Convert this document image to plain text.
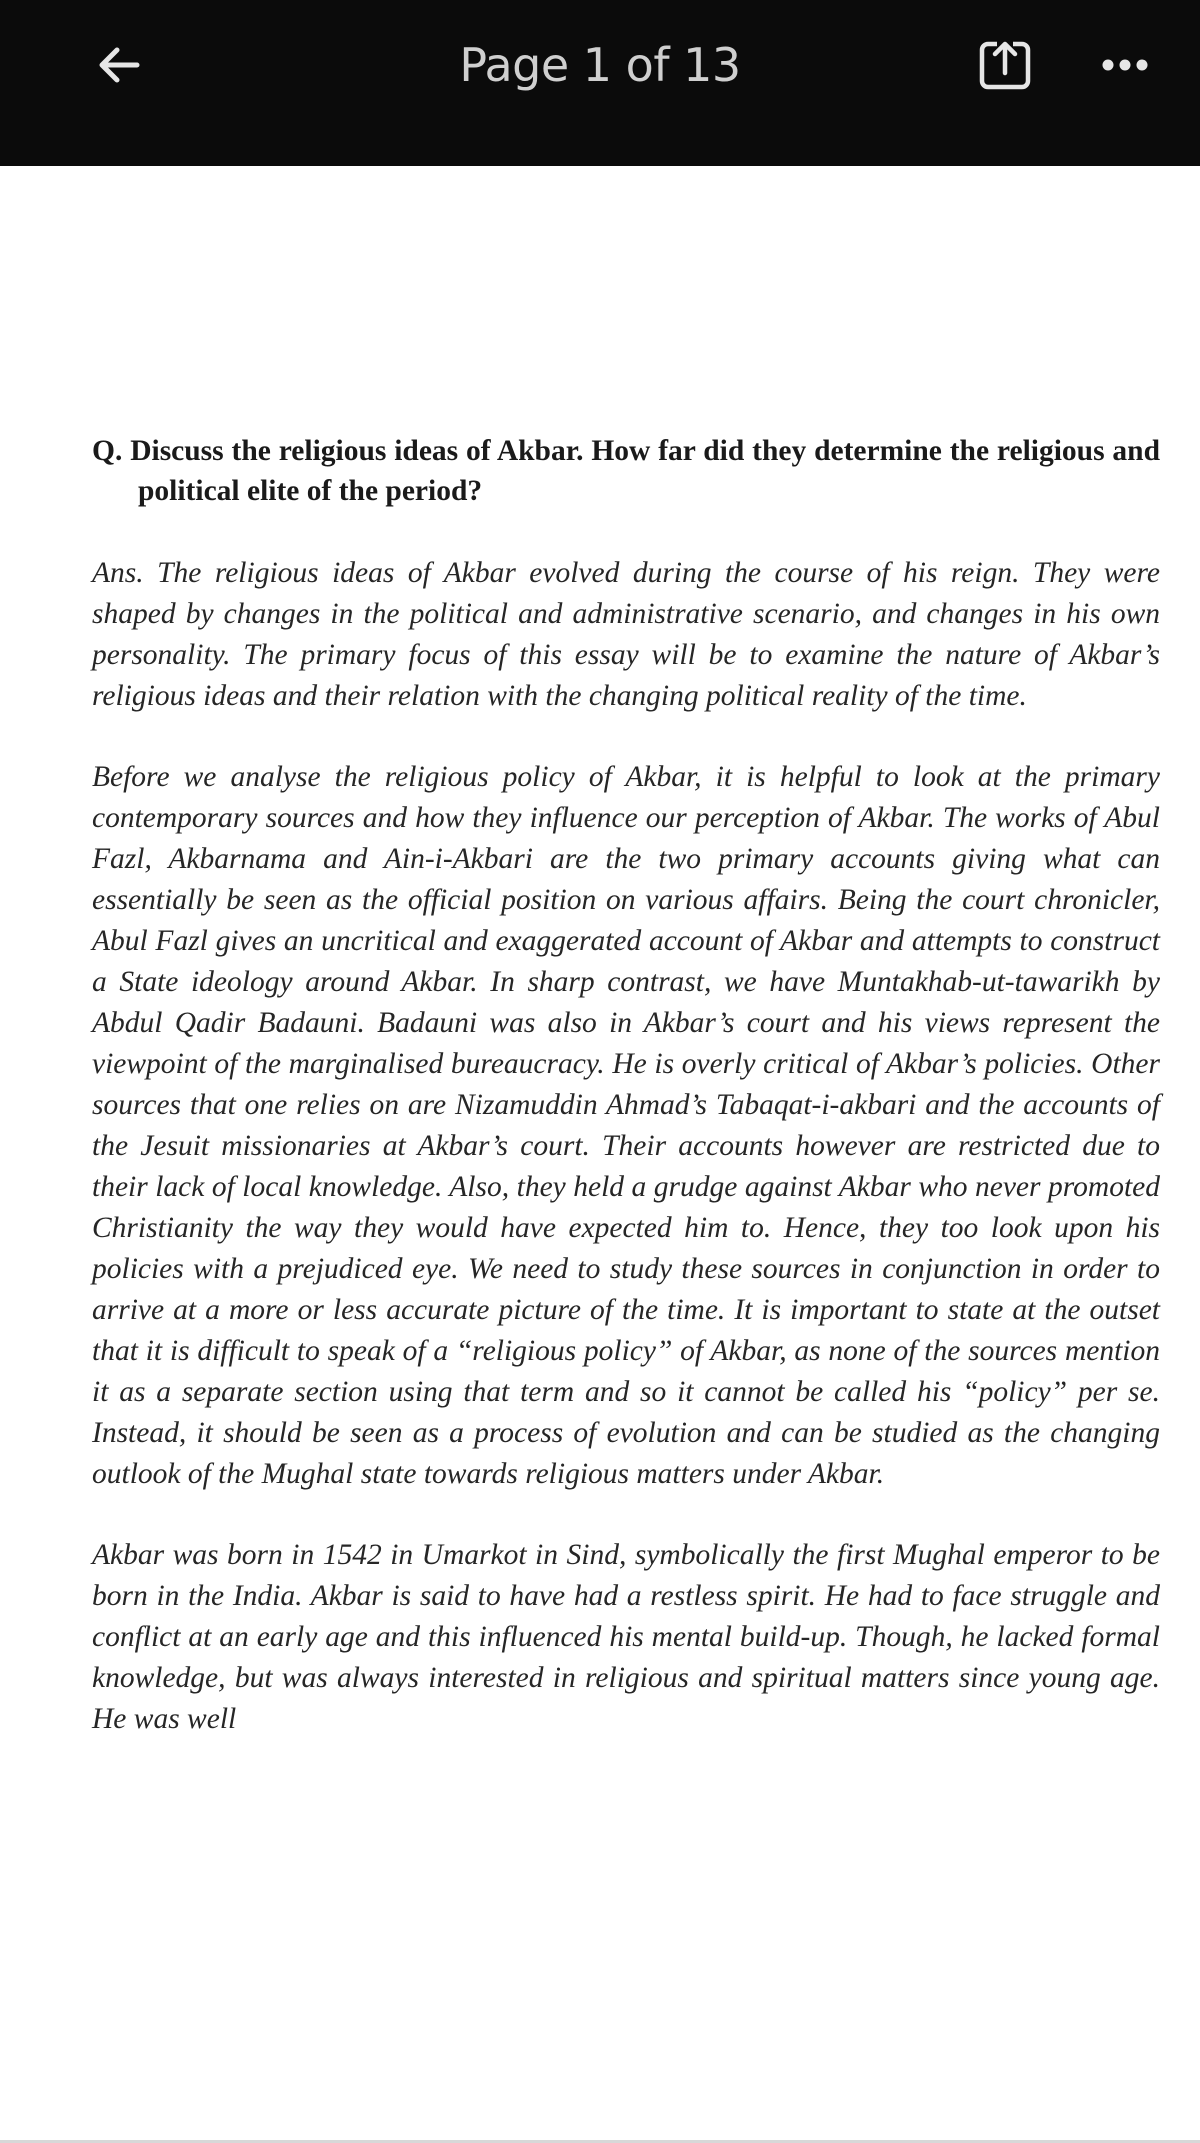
Page 1 of 13

Q. Discuss the religious ideas of Akbar. How far did they determine the religious and political elite of the period?

Ans. The religious ideas of Akbar evolved during the course of his reign. They were shaped by changes in the political and administrative scenario, and changes in his own personality. The primary focus of this essay will be to examine the nature of Akbar’s religious ideas and their relation with the changing political reality of the time.

Before we analyse the religious policy of Akbar, it is helpful to look at the primary contemporary sources and how they influence our perception of Akbar. The works of Abul Fazl, Akbarnama and Ain-i-Akbari are the two primary accounts giving what can essentially be seen as the official position on various affairs. Being the court chronicler, Abul Fazl gives an uncritical and exaggerated account of Akbar and attempts to construct a State ideology around Akbar. In sharp contrast, we have Muntakhab-ut-tawarikh by Abdul Qadir Badauni. Badauni was also in Akbar’s court and his views represent the viewpoint of the marginalised bureaucracy. He is overly critical of Akbar’s policies. Other sources that one relies on are Nizamuddin Ahmad’s Tabaqat-i-akbari and the accounts of the Jesuit missionaries at Akbar’s court. Their accounts however are restricted due to their lack of local knowledge. Also, they held a grudge against Akbar who never promoted Christianity the way they would have expected him to. Hence, they too look upon his policies with a prejudiced eye. We need to study these sources in conjunction in order to arrive at a more or less accurate picture of the time. It is important to state at the outset that it is difficult to speak of a “religious policy” of Akbar, as none of the sources mention it as a separate section using that term and so it cannot be called his “policy” per se. Instead, it should be seen as a process of evolution and can be studied as the changing outlook of the Mughal state towards religious matters under Akbar.

Akbar was born in 1542 in Umarkot in Sind, symbolically the first Mughal emperor to be born in the India. Akbar is said to have had a restless spirit. He had to face struggle and conflict at an early age and this influenced his mental build-up. Though, he lacked formal knowledge, but was always interested in religious and spiritual matters since young age. He was well
